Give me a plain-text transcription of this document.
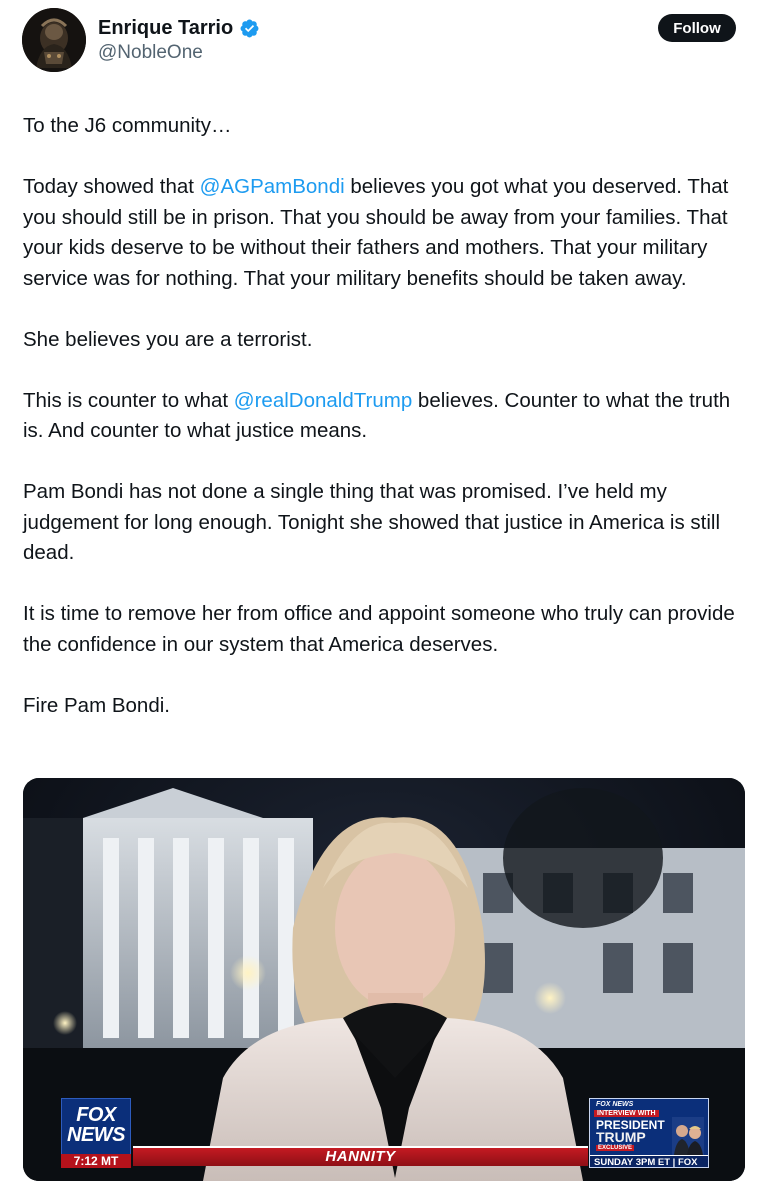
Enrique Tarrio
@NobleOne
Follow

To the J6 community…

Today showed that @AGPamBondi believes you got what you deserved. That you should still be in prison. That you should be away from your families. That your kids deserve to be without their fathers and mothers. That your military service was for nothing. That your military benefits should be taken away.

She believes you are a terrorist.

This is counter to what @realDonaldTrump believes. Counter to what the truth is. And counter to what justice means.

Pam Bondi has not done a single thing that was promised. I’ve held my judgement for long enough. Tonight she showed that justice in America is still dead.

It is time to remove her from office and appoint someone who truly can provide the confidence in our system that America deserves.

Fire Pam Bondi.

FOX
NEWS
7:12 MT	HANNITY
FOX NEWS
INTERVIEW WITH
PRESIDENT
TRUMP
EXCLUSIVE
SUNDAY 3PM ET | FOX
